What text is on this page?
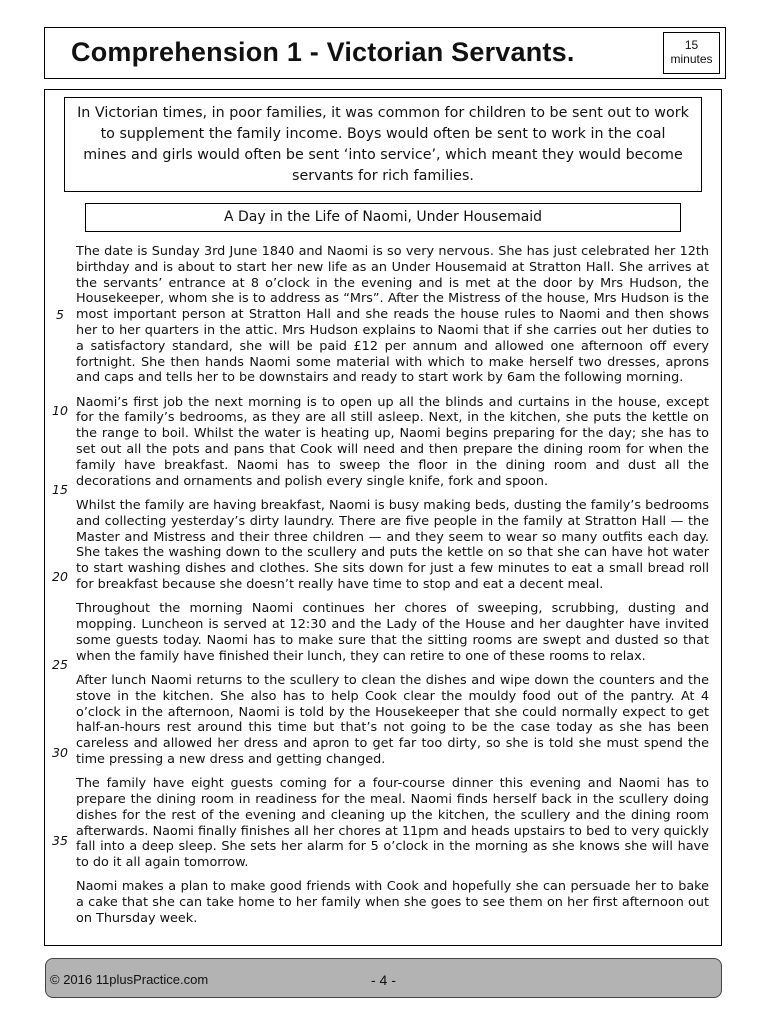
Comprehension 1 - Victorian Servants.	15
minutes
In Victorian times, in poor families, it was common for children to be sent out to work to supplement the family income. Boys would often be sent to work in the coal mines and girls would often be sent ‘into service’, which meant they would become servants for rich families.
A Day in the Life of Naomi, Under Housemaid
5
10
15
20
25
30
35

The date is Sunday 3rd June 1840 and Naomi is so very nervous. She has just celebrated her 12th birthday and is about to start her new life as an Under Housemaid at Stratton Hall. She arrives at the servants’ entrance at 8 o’clock in the evening and is met at the door by Mrs Hudson, the Housekeeper, whom she is to address as “Mrs”. After the Mistress of the house, Mrs Hudson is the most important person at Stratton Hall and she reads the house rules to Naomi and then shows her to her quarters in the attic. Mrs Hudson explains to Naomi that if she carries out her duties to a satisfactory standard, she will be paid £12 per annum and allowed one afternoon off every fortnight. She then hands Naomi some material with which to make herself two dresses, aprons and caps and tells her to be downstairs and ready to start work by 6am the following morning.

Naomi’s first job the next morning is to open up all the blinds and curtains in the house, except for the family’s bedrooms, as they are all still asleep. Next, in the kitchen, she puts the kettle on the range to boil. Whilst the water is heating up, Naomi begins preparing for the day; she has to set out all the pots and pans that Cook will need and then prepare the dining room for when the family have breakfast. Naomi has to sweep the floor in the dining room and dust all the decorations and ornaments and polish every single knife, fork and spoon.

Whilst the family are having breakfast, Naomi is busy making beds, dusting the family’s bedrooms and collecting yesterday’s dirty laundry. There are five people in the family at Stratton Hall — the Master and Mistress and their three children — and they seem to wear so many outfits each day. She takes the washing down to the scullery and puts the kettle on so that she can have hot water to start washing dishes and clothes. She sits down for just a few minutes to eat a small bread roll for breakfast because she doesn’t really have time to stop and eat a decent meal.

Throughout the morning Naomi continues her chores of sweeping, scrubbing, dusting and mopping. Luncheon is served at 12:30 and the Lady of the House and her daughter have invited some guests today. Naomi has to make sure that the sitting rooms are swept and dusted so that when the family have finished their lunch, they can retire to one of these rooms to relax.

After lunch Naomi returns to the scullery to clean the dishes and wipe down the counters and the stove in the kitchen. She also has to help Cook clear the mouldy food out of the pantry. At 4 o’clock in the afternoon, Naomi is told by the Housekeeper that she could normally expect to get half-an-hours rest around this time but that’s not going to be the case today as she has been careless and allowed her dress and apron to get far too dirty, so she is told she must spend the time pressing a new dress and getting changed.

The family have eight guests coming for a four-course dinner this evening and Naomi has to prepare the dining room in readiness for the meal. Naomi finds herself back in the scullery doing dishes for the rest of the evening and cleaning up the kitchen, the scullery and the dining room afterwards. Naomi finally finishes all her chores at 11pm and heads upstairs to bed to very quickly fall into a deep sleep. She sets her alarm for 5 o’clock in the morning as she knows she will have to do it all again tomorrow.

Naomi makes a plan to make good friends with Cook and hopefully she can persuade her to bake a cake that she can take home to her family when she goes to see them on her first afternoon out on Thursday week.

© 2016 11plusPractice.com	- 4 -
